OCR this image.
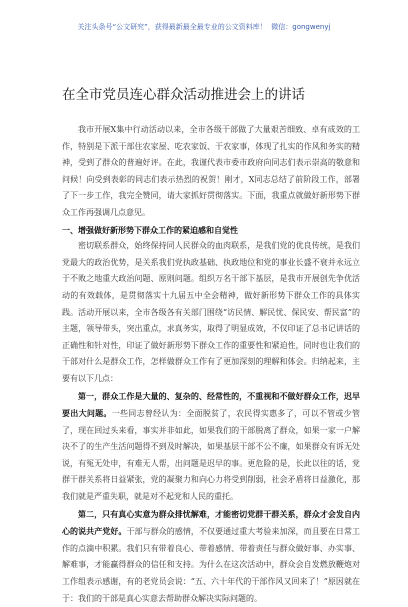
关注头条号“公文研究”，获得最新最全最专业的公文资料库！ 微信：gongwenyj
在全市党员连心群众活动推进会上的讲话

我市开展X集中行动活动以来，全市各级干部做了大量艰苦细致、卓有成效的工作，特别是下派干部住农家屋、吃农家饭、干农家事，体现了扎实的作风和务实的精神，受到了群众的普遍好评。在此，我谨代表市委市政府向同志们表示崇高的敬意和问候！向受到表彰的同志们表示热烈的祝贺！刚才，X同志总结了前阶段工作，部署了下一步工作，我完全赞同，请大家抓好贯彻落实。下面，我重点就做好新形势下群众工作再强调几点意见。

一、增强做好新形势下群众工作的紧迫感和自觉性

密切联系群众，始终保持同人民群众的血肉联系，是我们党的优良传统，是我们党最大的政治优势，是关系我们党执政基础、执政地位和党的事业长盛不衰并永远立于不败之地重大政治问题、原则问题。组织万名干部下基层，是我市开展创先争优活动的有效载体，是贯彻落实十九届五中全会精神，做好新形势下群众工作的具体实践。活动开展以来，全市各级各有关部门围绕“访民情、解民忧、保民安、帮民富”的主题，领导带头，突出重点，求真务实，取得了明显成效，不仅印证了总书记讲话的正确性和针对性，印证了做好新形势下群众工作的重要性和紧迫性，同时也让我们的干部对什么是群众工作，怎样做群众工作有了更加深刻的理解和体会。归纳起来，主要有以下几点：

第一，群众工作是大量的、复杂的、经常性的，不重视和不做好群众工作，迟早要出大问题。一些同志曾经认为：全面脱贫了，农民得实惠多了，可以不管或少管了，现在回过头来看，事实并非如此，如果我们的干部脱离了群众，如果一家一户解决不了的生产生活问题得不到及时解决，如果基层干部不公不廉，如果群众有诉无处说，有冤无处申，有难无人帮，出问题是迟早的事。更危险的是，长此以往的话，党群干群关系将日益紧张，党的凝聚力和向心力将受到削弱，社会矛盾将日益激化，那我们就是严重失职，就是对不起党和人民的重托。

第二，只有真心实意为群众排忧解难，才能密切党群干群关系，群众才会发自内心的说共产党好。干部与群众的感情，不仅要通过重大考验来加深，而且要在日常工作的点滴中积累。我们只有带着良心、带着感情、带着责任与群众做好事、办实事、解难事，才能赢得群众的信任和支持。为什么在这次活动中，群众会自发燃放鞭炮对工作组表示感谢，有的老党员会说：“五、六十年代的干部作风又回来了！”原因就在于：我们的干部是真心实意去帮助群众解决实际问题的。
